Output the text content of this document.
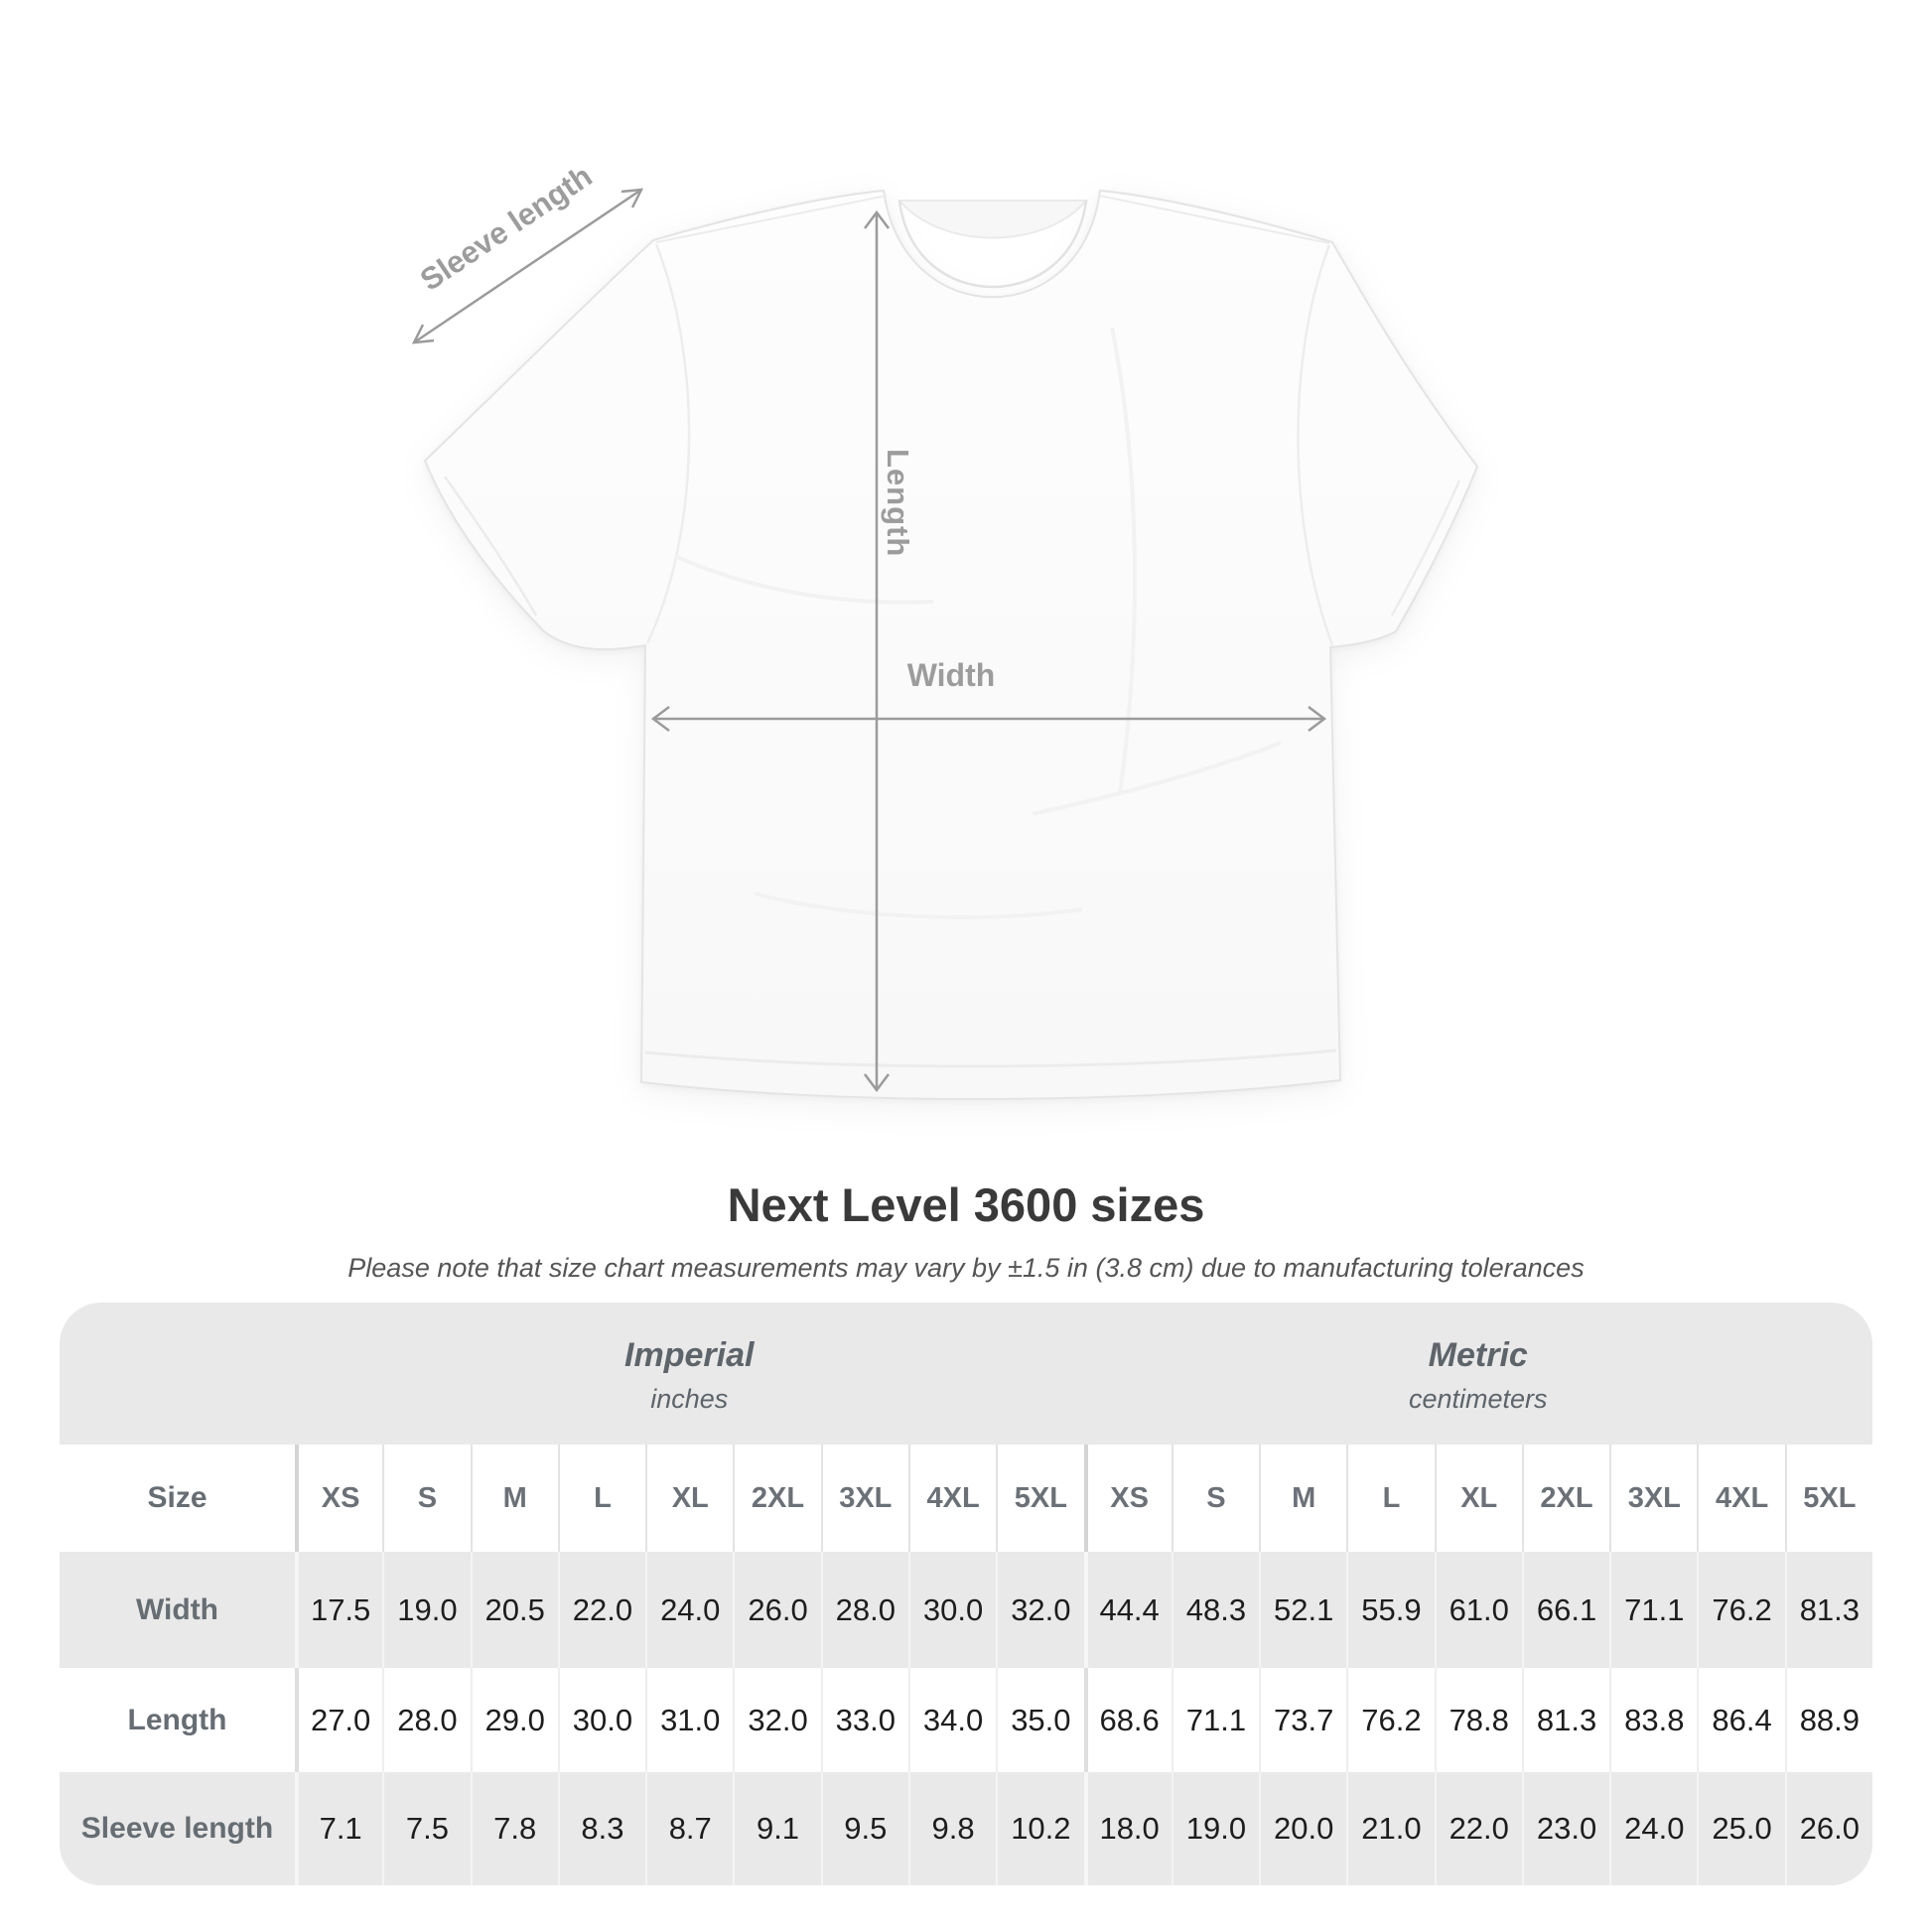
Sleeve length
Length
Width
Next Level 3600 sizes
Please note that size chart measurements may vary by ±1.5 in (3.8 cm) due to manufacturing tolerances
Imperial
inches
Metric
centimeters
Size	XS	S	M	L	XL	2XL	3XL	4XL	5XL	XS	S	M	L	XL	2XL	3XL	4XL	5XL
Width	17.5 19.0 20.5 22.0 24.0 26.0 28.0 30.0 32.0 44.4 48.3 52.1 55.9 61.0 66.1 71.1 76.2 81.3
Length	27.0 28.0 29.0 30.0 31.0 32.0 33.0 34.0 35.0 68.6 71.1 73.7 76.2 78.8 81.3 83.8 86.4 88.9
Sleeve length	7.1	7.5	7.8	8.3	8.7	9.1	9.5	9.8	10.2 18.0 19.0 20.0 21.0 22.0 23.0 24.0 25.0 26.0
